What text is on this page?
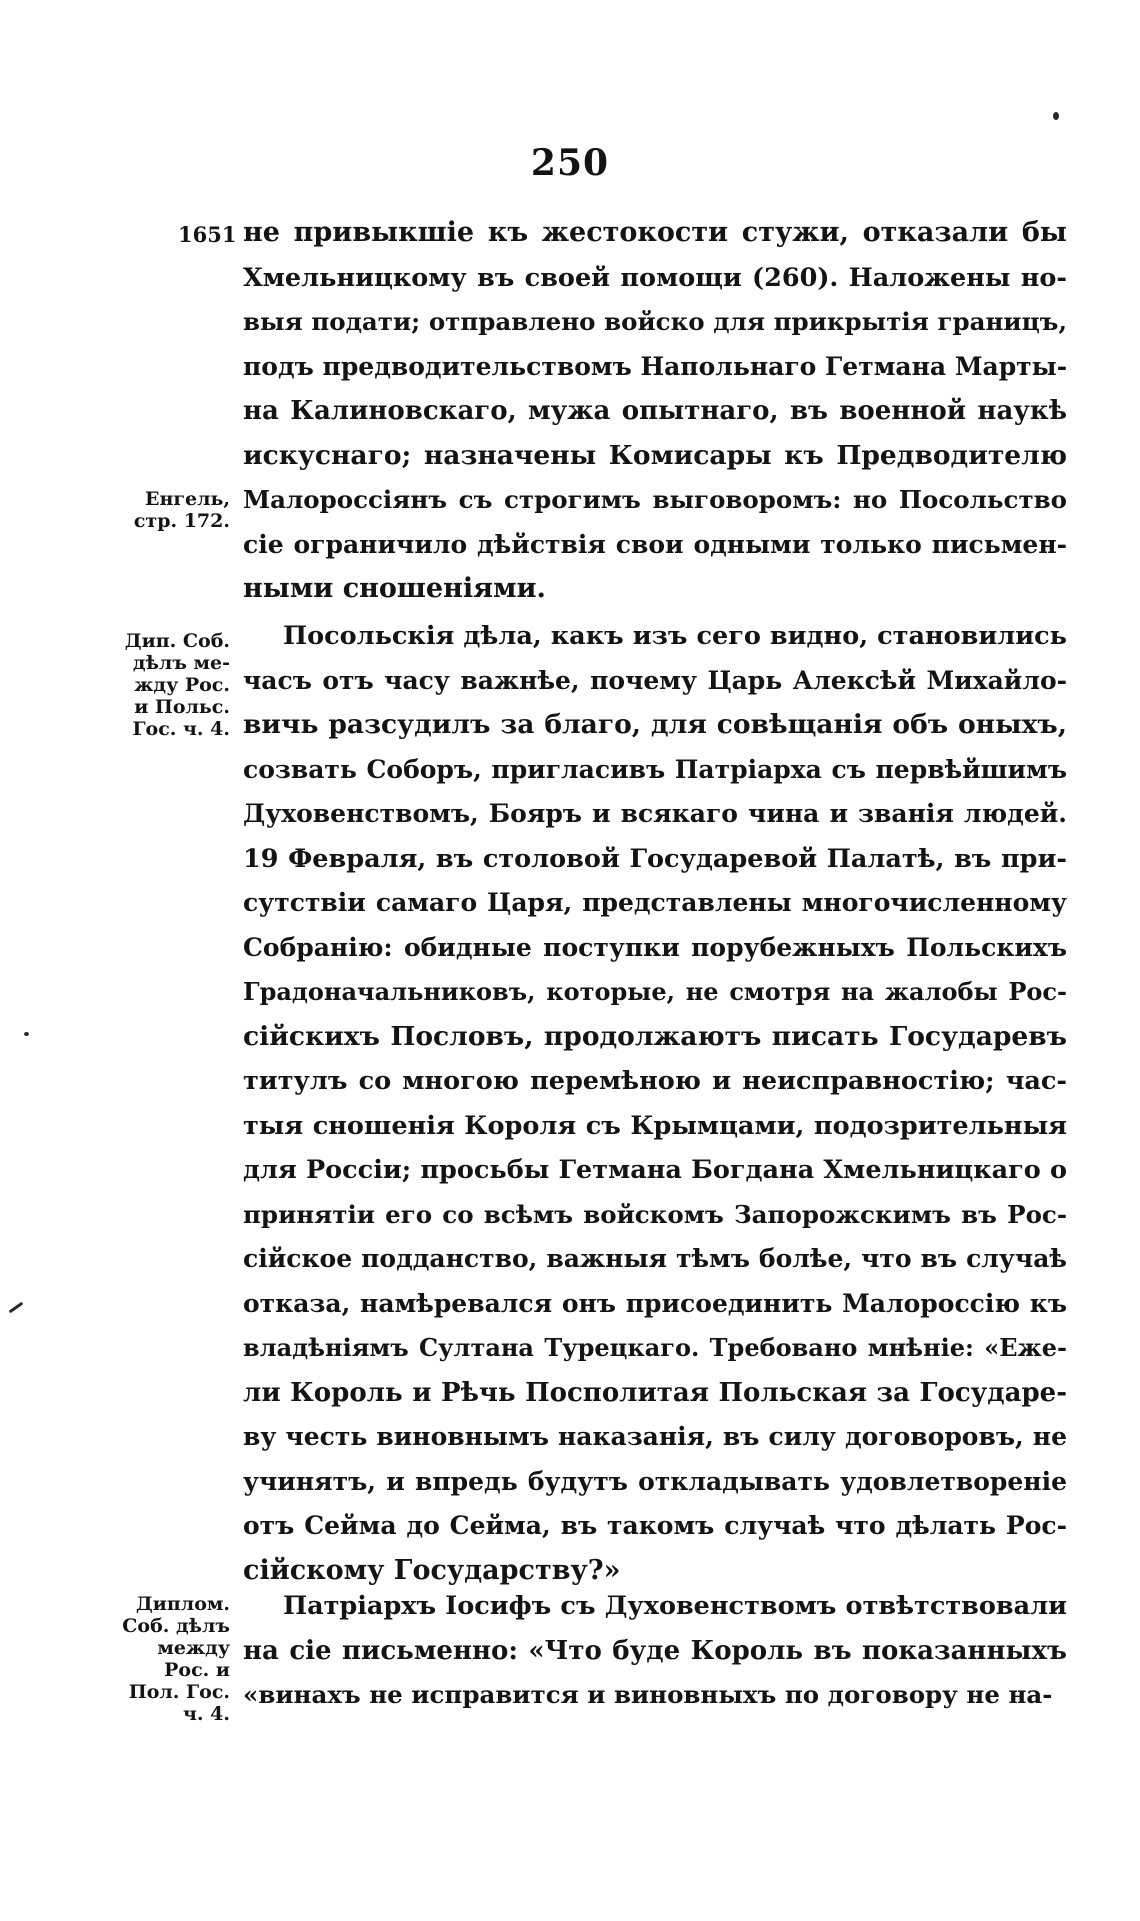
250
1651
Енгель,
стр. 172.
Дип. Соб.
дѣлъ ме-
жду Рос.
и Польс.
Гос. ч. 4.
Диплом.
Соб. дѣлъ
между
Рос. и
Пол. Гос.
ч. 4.
не привыкшіе къ жестокости стужи, отказали бы
Хмельницкому въ своей помощи (260). Наложены но-
выя подати; отправлено войско для прикрытія границъ,
подъ предводительствомъ Напольнаго Гетмана Марты-
на Калиновскаго, мужа опытнаго, въ военной наукѣ
искуснаго; назначены Комисары къ Предводителю
Малороссіянъ съ строгимъ выговоромъ: но Посольство
сіе ограничило дѣйствія свои одными только письмен-
ными сношеніями.
Посольскія дѣла, какъ изъ сего видно, становились
часъ отъ часу важнѣе, почему Царь Алексѣй Михайло-
вичь разсудилъ за благо, для совѣщанія объ оныхъ,
созвать Соборъ, пригласивъ Патріарха съ первѣйшимъ
Духовенствомъ, Бояръ и всякаго чина и званія людей.
19 Февраля, въ столовой Государевой Палатѣ, въ при-
сутствіи самаго Царя, представлены многочисленному
Собранію: обидные поступки порубежныхъ Польскихъ
Градоначальниковъ, которые, не смотря на жалобы Рос-
сійскихъ Пословъ, продолжаютъ писать Государевъ
титулъ со многою перемѣною и неисправностію; час-
тыя сношенія Короля съ Крымцами, подозрительныя
для Россіи; просьбы Гетмана Богдана Хмельницкаго о
принятіи его со всѣмъ войскомъ Запорожскимъ въ Рос-
сійское подданство, важныя тѣмъ болѣе, что въ случаѣ
отказа, намѣревался онъ присоединить Малороссію къ
владѣніямъ Султана Турецкаго. Требовано мнѣніе: «Еже-
ли Король и Рѣчь Посполитая Польская за Государе-
ву честь виновнымъ наказанія, въ силу договоровъ, не
учинятъ, и впредь будутъ откладывать удовлетвореніе
отъ Сейма до Сейма, въ такомъ случаѣ что дѣлать Рос-
сійскому Государству?»
Патріархъ Іосифъ съ Духовенствомъ отвѣтствовали
на сіе письменно: «Что буде Король въ показанныхъ
«винахъ не исправится и виновныхъ по договору не на-
